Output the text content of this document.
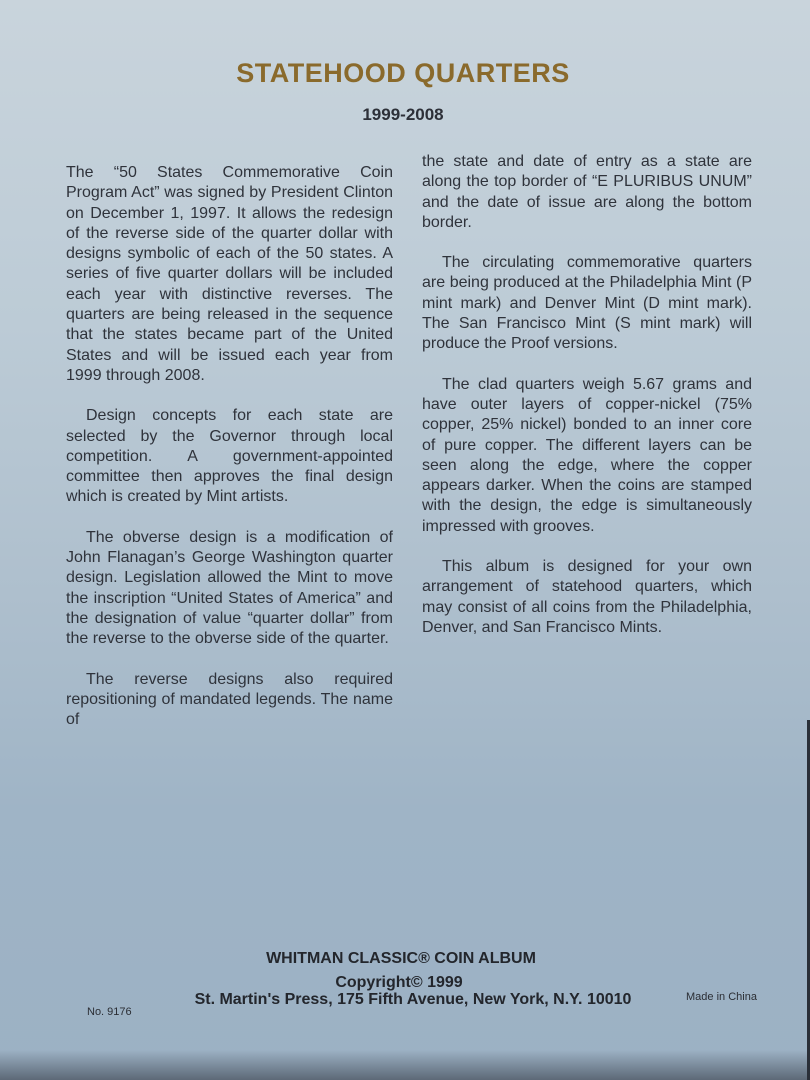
STATEHOOD QUARTERS
1999-2008

The “50 States Commemorative Coin Program Act” was signed by President Clinton on December 1, 1997. It allows the redesign of the reverse side of the quarter dollar with designs symbolic of each of the 50 states. A series of five quarter dollars will be included each year with distinctive reverses. The quarters are being released in the sequence that the states became part of the United States and will be issued each year from 1999 through 2008.

Design concepts for each state are selected by the Governor through local competition. A government-appointed committee then approves the final design which is created by Mint artists.

The obverse design is a modification of John Flanagan’s George Washington quarter design. Legislation allowed the Mint to move the inscription “United States of America” and the designation of value “quarter dollar” from the reverse to the obverse side of the quarter.

The reverse designs also required repositioning of mandated legends. The name of

the state and date of entry as a state are along the top border of “E PLURIBUS UNUM” and the date of issue are along the bottom border.

The circulating commemorative quarters are being produced at the Philadelphia Mint (P mint mark) and Denver Mint (D mint mark). The San Francisco Mint (S mint mark) will produce the Proof versions.

The clad quarters weigh 5.67 grams and have outer layers of copper-nickel (75% copper, 25% nickel) bonded to an inner core of pure copper. The different layers can be seen along the edge, where the copper appears darker. When the coins are stamped with the design, the edge is simultaneously impressed with grooves.

This album is designed for your own arrangement of statehood quarters, which may consist of all coins from the Philadelphia, Denver, and San Francisco Mints.

WHITMAN CLASSIC® COIN ALBUM
Copyright© 1999
St. Martin's Press, 175 Fifth Avenue, New York, N.Y. 10010
No. 9176
Made in China
